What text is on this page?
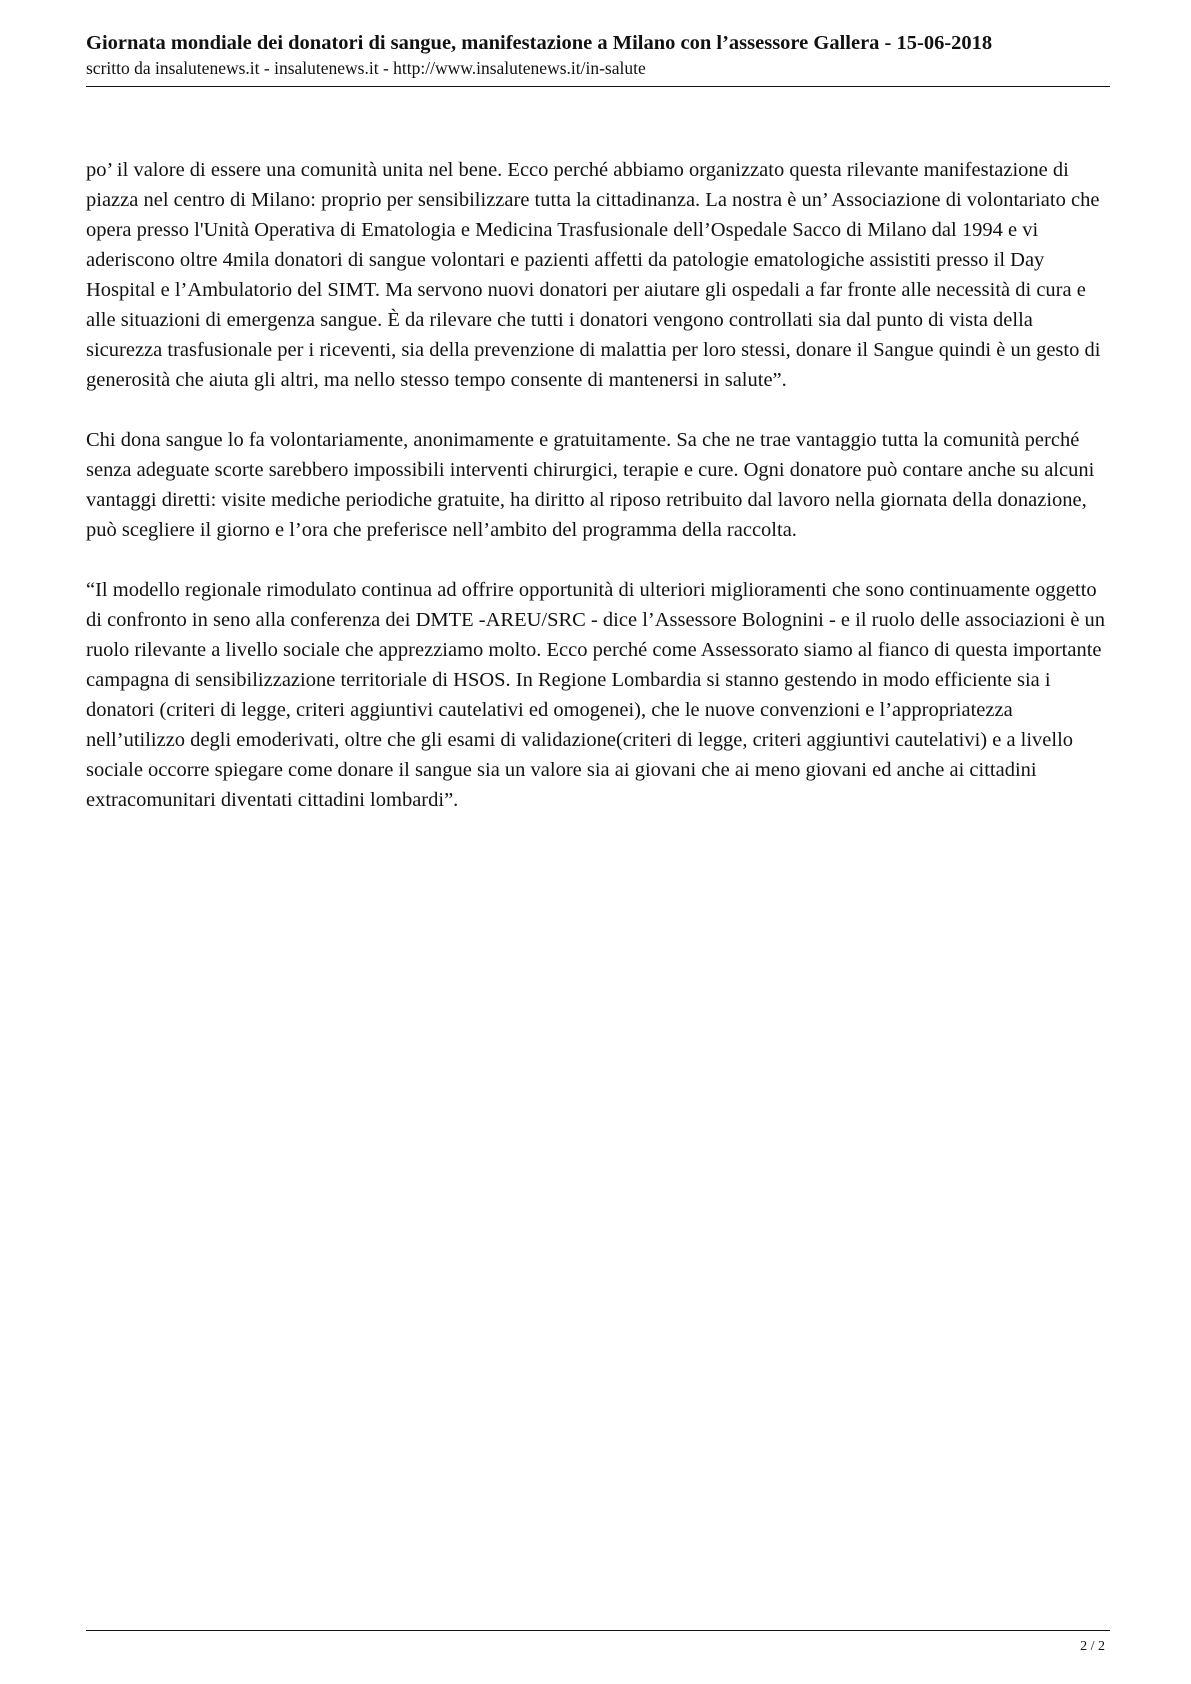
Giornata mondiale dei donatori di sangue, manifestazione a Milano con l’assessore Gallera - 15-06-2018
scritto da insalutenews.it - insalutenews.it - http://www.insalutenews.it/in-salute

po’ il valore di essere una comunità unita nel bene. Ecco perché abbiamo organizzato questa rilevante manifestazione di piazza nel centro di Milano: proprio per sensibilizzare tutta la cittadinanza. La nostra è un’ Associazione di volontariato che opera presso l'Unità Operativa di Ematologia e Medicina Trasfusionale dell’Ospedale Sacco di Milano dal 1994 e vi aderiscono oltre 4mila donatori di sangue volontari e pazienti affetti da patologie ematologiche assistiti presso il Day Hospital e l’Ambulatorio del SIMT. Ma servono nuovi donatori per aiutare gli ospedali a far fronte alle necessità di cura e alle situazioni di emergenza sangue. È da rilevare che tutti i donatori vengono controllati sia dal punto di vista della sicurezza trasfusionale per i riceventi, sia della prevenzione di malattia per loro stessi, donare il Sangue quindi è un gesto di generosità che aiuta gli altri, ma nello stesso tempo consente di mantenersi in salute”.

Chi dona sangue lo fa volontariamente, anonimamente e gratuitamente. Sa che ne trae vantaggio tutta la comunità perché senza adeguate scorte sarebbero impossibili interventi chirurgici, terapie e cure. Ogni donatore può contare anche su alcuni vantaggi diretti: visite mediche periodiche gratuite, ha diritto al riposo retribuito dal lavoro nella giornata della donazione, può scegliere il giorno e l’ora che preferisce nell’ambito del programma della raccolta.

“Il modello regionale rimodulato continua ad offrire opportunità di ulteriori miglioramenti che sono continuamente oggetto di confronto in seno alla conferenza dei DMTE -AREU/SRC - dice l’Assessore Bolognini - e il ruolo delle associazioni è un ruolo rilevante a livello sociale che apprezziamo molto. Ecco perché come Assessorato siamo al fianco di questa importante campagna di sensibilizzazione territoriale di HSOS. In Regione Lombardia si stanno gestendo in modo efficiente sia i donatori (criteri di legge, criteri aggiuntivi cautelativi ed omogenei), che le nuove convenzioni e l’appropriatezza nell’utilizzo degli emoderivati, oltre che gli esami di validazione(criteri di legge, criteri aggiuntivi cautelativi) e a livello sociale occorre spiegare come donare il sangue sia un valore sia ai giovani che ai meno giovani ed anche ai cittadini extracomunitari diventati cittadini lombardi”.

2 / 2
